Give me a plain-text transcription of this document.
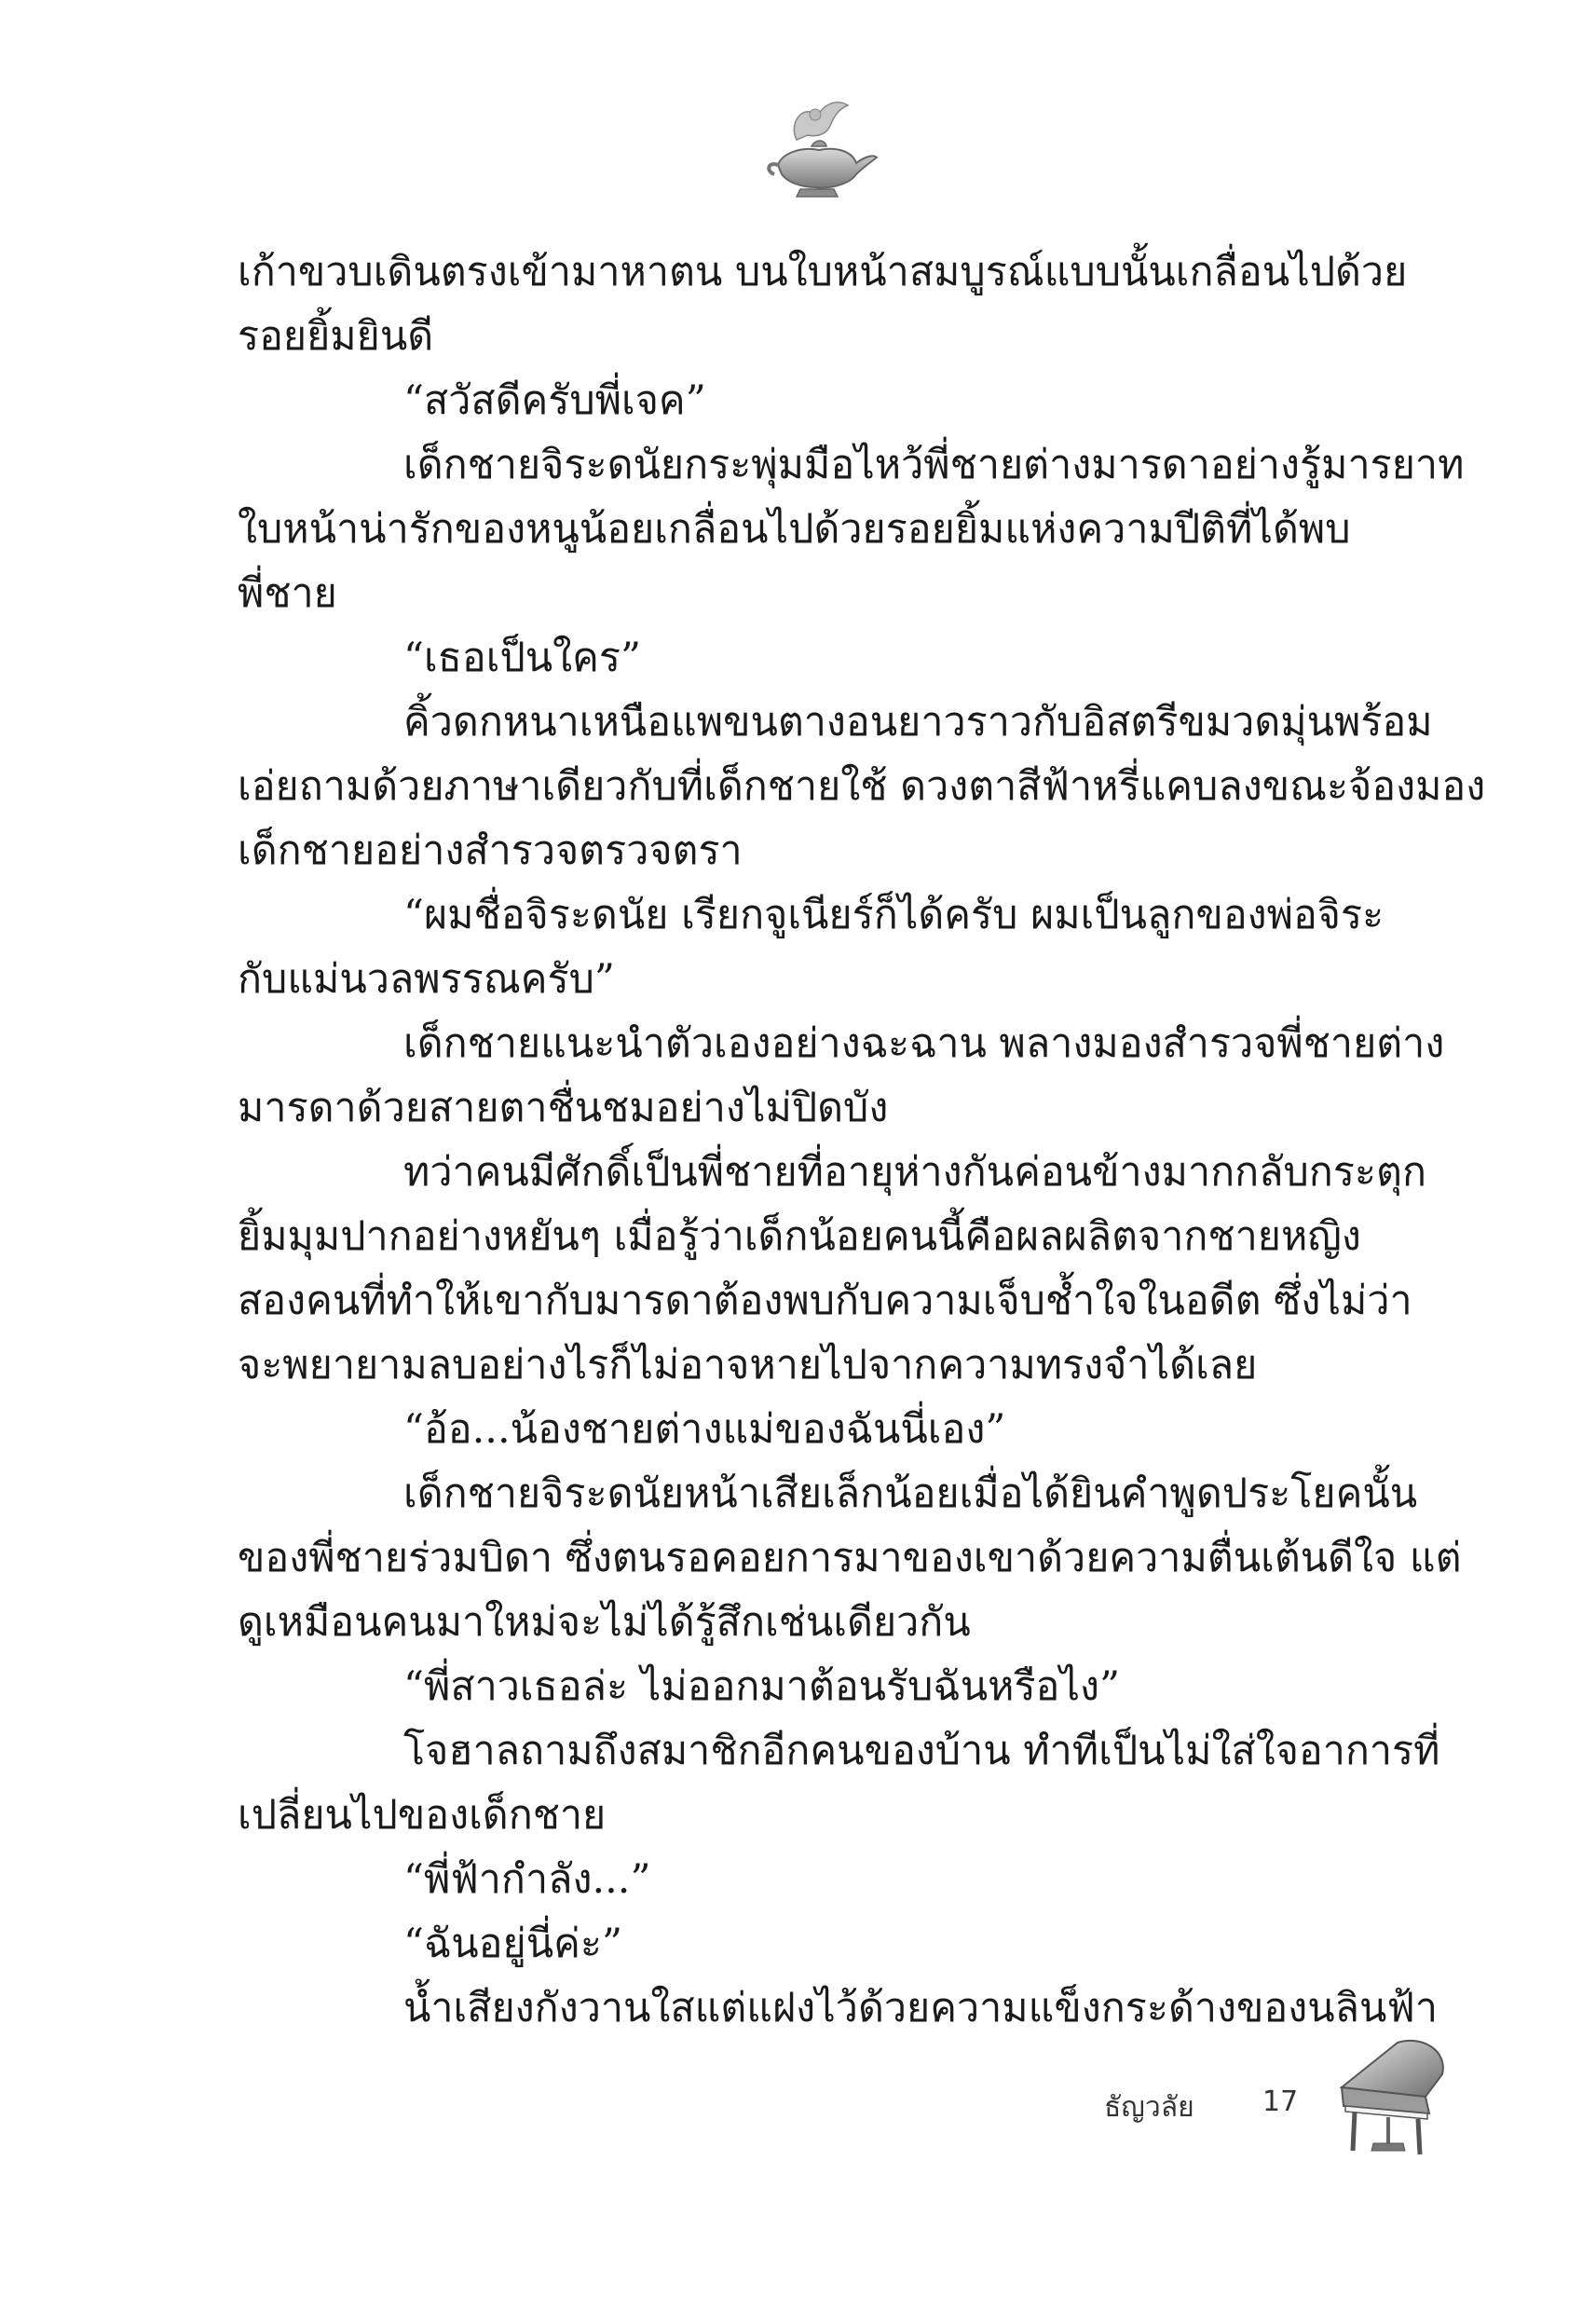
เก้าขวบเดินตรงเข้ามาหาตน บนใบหน้าสมบูรณ์แบบนั้นเกลื่อนไปด้วย
รอยยิ้มยินดี
“สวัสดีครับพี่เจค”
เด็กชายจิระดนัยกระพุ่มมือไหว้พี่ชายต่างมารดาอย่างรู้มารยาท
ใบหน้าน่ารักของหนูน้อยเกลื่อนไปด้วยรอยยิ้มแห่งความปีติที่ได้พบ
พี่ชาย
“เธอเป็นใคร”
คิ้วดกหนาเหนือแพขนตางอนยาวราวกับอิสตรีขมวดมุ่นพร้อม
เอ่ยถามด้วยภาษาเดียวกับที่เด็กชายใช้ ดวงตาสีฟ้าหรี่แคบลงขณะจ้องมอง
เด็กชายอย่างสำรวจตรวจตรา
“ผมชื่อจิระดนัย เรียกจูเนียร์ก็ได้ครับ ผมเป็นลูกของพ่อจิระ
กับแม่นวลพรรณครับ”
เด็กชายแนะนำตัวเองอย่างฉะฉาน พลางมองสำรวจพี่ชายต่าง
มารดาด้วยสายตาชื่นชมอย่างไม่ปิดบัง
ทว่าคนมีศักดิ์เป็นพี่ชายที่อายุห่างกันค่อนข้างมากกลับกระตุก
ยิ้มมุมปากอย่างหยันๆ เมื่อรู้ว่าเด็กน้อยคนนี้คือผลผลิตจากชายหญิง
สองคนที่ทำให้เขากับมารดาต้องพบกับความเจ็บช้ำใจในอดีต ซึ่งไม่ว่า
จะพยายามลบอย่างไรก็ไม่อาจหายไปจากความทรงจำได้เลย
“อ้อ...น้องชายต่างแม่ของฉันนี่เอง”
เด็กชายจิระดนัยหน้าเสียเล็กน้อยเมื่อได้ยินคำพูดประโยคนั้น
ของพี่ชายร่วมบิดา ซึ่งตนรอคอยการมาของเขาด้วยความตื่นเต้นดีใจ แต่
ดูเหมือนคนมาใหม่จะไม่ได้รู้สึกเช่นเดียวกัน
“พี่สาวเธอล่ะ ไม่ออกมาต้อนรับฉันหรือไง”
โจฮาลถามถึงสมาชิกอีกคนของบ้าน ทำทีเป็นไม่ใส่ใจอาการที่
เปลี่ยนไปของเด็กชาย
“พี่ฟ้ากำลัง...”
“ฉันอยู่นี่ค่ะ”
น้ำเสียงกังวานใสแต่แฝงไว้ด้วยความแข็งกระด้างของนลินฟ้า
ธัญวลัย 17
